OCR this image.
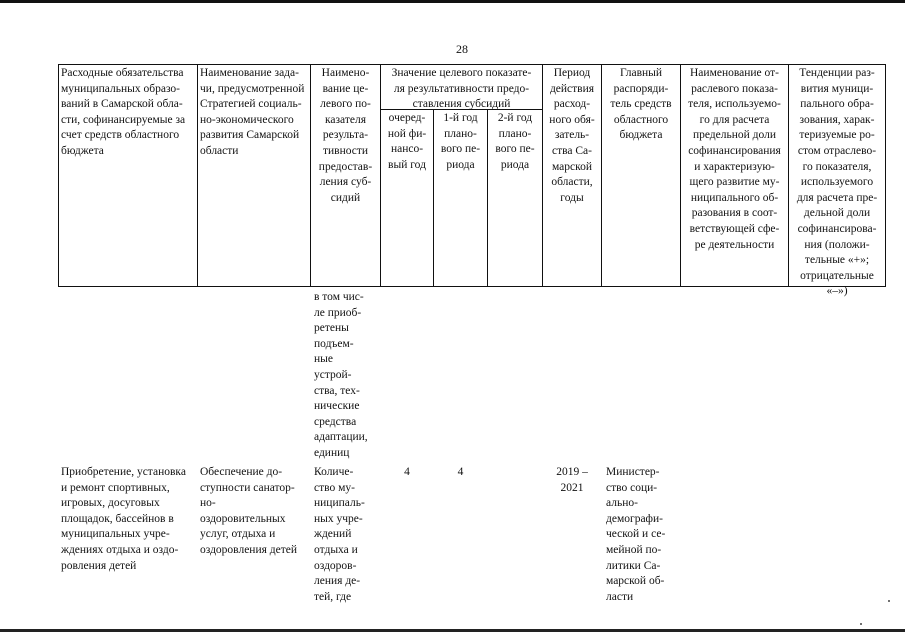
28
Расходные обязательства
муниципальных образо-
ваний в Самарской обла-
сти, софинансируемые за
счет средств областного
бюджета
Наименование зада-
чи, предусмотренной
Стратегией социаль-
но-экономического
развития Самарской
области
Наимено-
вание це-
левого по-
казателя
результа-
тивности
предостав-
ления суб-
сидий
Значение целевого показате-
ля результативности предо-
ставления субсидий
очеред-
ной фи-
нансо-
вый год
1-й год
плано-
вого пе-
риода
2-й год
плано-
вого пе-
риода
Период
действия
расход-
ного обя-
затель-
ства Са-
марской
области,
годы
Главный
распоряди-
тель средств
областного
бюджета
Наименование от-
раслевого показа-
теля, используемо-
го для расчета
предельной доли
софинансирования
и характеризую-
щего развитие му-
ниципального об-
разования в соот-
ветствующей сфе-
ре деятельности
Тенденции раз-
вития муници-
пального обра-
зования, харак-
теризуемые ро-
стом отраслево-
го показателя,
используемого
для расчета пре-
дельной доли
софинансирова-
ния (положи-
тельные «+»;
отрицательные
«–»)
в том чис-
ле приоб-
ретены
подъем-
ные
устрой-
ства, тех-
нические
средства
адаптации,
единиц
Приобретение, установка
и ремонт спортивных,
игровых, досуговых
площадок, бассейнов в
муниципальных учре-
ждениях отдыха и оздо-
ровления детей
Обеспечение до-
ступности санатор-
но-
оздоровительных
услуг, отдыха и
оздоровления детей
Количе-
ство му-
ниципаль-
ных учре-
ждений
отдыха и
оздоров-
ления де-
тей, где
4	4	2019 –
2021
Министер-
ство соци-
ально-
демографи-
ческой и се-
мейной по-
литики Са-
марской об-
ласти
